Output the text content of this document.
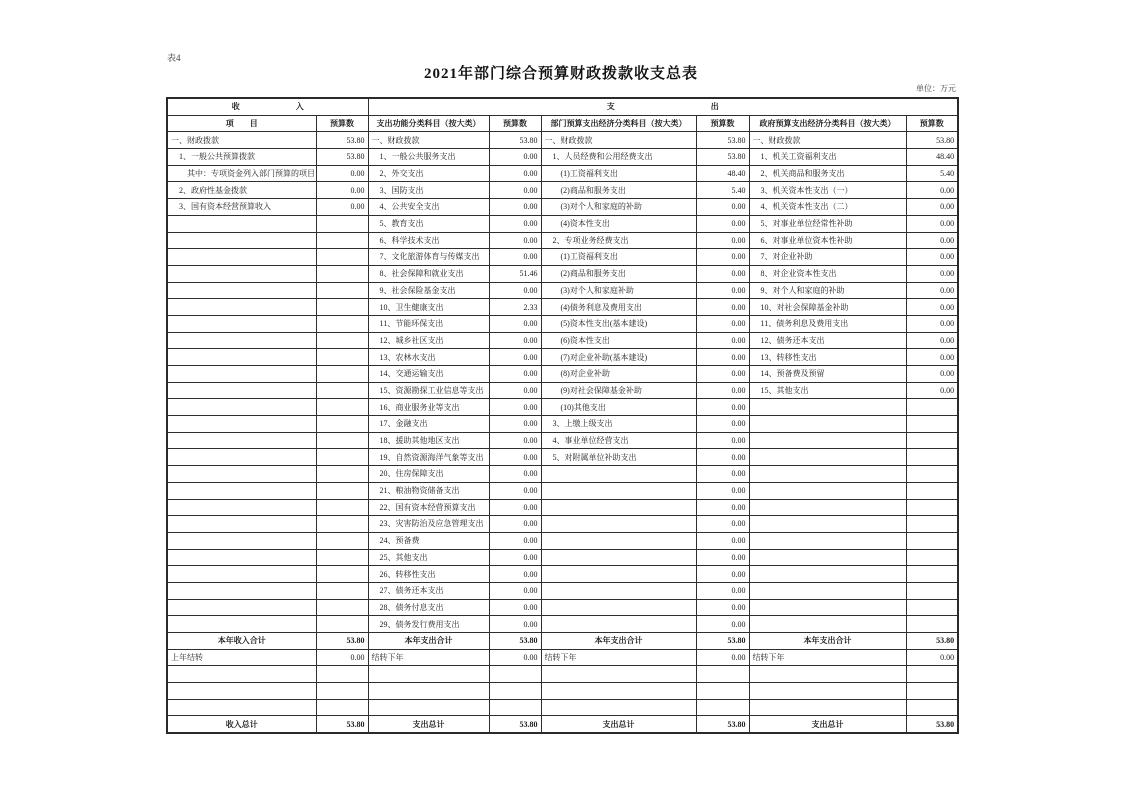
表4
2021年部门综合预算财政拨款收支总表
单位：万元
收　　　　　　　入		支　　　　　　　　　　　　出					
项　　目	预算数	支出功能分类科目（按大类）	预算数	部门预算支出经济分类科目（按大类）	预算数	政府预算支出经济分类科目（按大类）	预算数
一、财政拨款	53.80	一、财政拨款	53.80	一、财政拨款	53.80	一、财政拨款	53.80
　1、一般公共预算拨款	53.80	　1、一般公共服务支出	0.00	　1、人员经费和公用经费支出	53.80	　1、机关工资福利支出	48.40
　　其中：专项资金列入部门预算的项目	0.00	　2、外交支出	0.00	　　(1)工资福利支出	48.40	　2、机关商品和服务支出	5.40
　2、政府性基金拨款	0.00	　3、国防支出	0.00	　　(2)商品和服务支出	5.40	　3、机关资本性支出（一）	0.00
　3、国有资本经营预算收入	0.00	　4、公共安全支出	0.00	　　(3)对个人和家庭的补助	0.00	　4、机关资本性支出（二）	0.00
		　5、教育支出	0.00	　　(4)资本性支出	0.00	　5、对事业单位经常性补助	0.00
		　6、科学技术支出	0.00	　2、专项业务经费支出	0.00	　6、对事业单位资本性补助	0.00
		　7、文化旅游体育与传媒支出	0.00	　　(1)工资福利支出	0.00	　7、对企业补助	0.00
		　8、社会保障和就业支出	51.46	　　(2)商品和服务支出	0.00	　8、对企业资本性支出	0.00
		　9、社会保险基金支出	0.00	　　(3)对个人和家庭补助	0.00	　9、对个人和家庭的补助	0.00
		　10、卫生健康支出	2.33	　　(4)债务利息及费用支出	0.00	　10、对社会保障基金补助	0.00
		　11、节能环保支出	0.00	　　(5)资本性支出(基本建设)	0.00	　11、债务利息及费用支出	0.00
		　12、城乡社区支出	0.00	　　(6)资本性支出	0.00	　12、债务还本支出	0.00
		　13、农林水支出	0.00	　　(7)对企业补助(基本建设)	0.00	　13、转移性支出	0.00
		　14、交通运输支出	0.00	　　(8)对企业补助	0.00	　14、预备费及预留	0.00
		　15、资源勘探工业信息等支出	0.00	　　(9)对社会保障基金补助	0.00	　15、其他支出	0.00
		　16、商业服务业等支出	0.00	　　(10)其他支出	0.00		
		　17、金融支出	0.00	　3、上缴上级支出	0.00		
		　18、援助其他地区支出	0.00	　4、事业单位经营支出	0.00		
		　19、自然资源海洋气象等支出	0.00	　5、对附属单位补助支出	0.00		
		　20、住房保障支出	0.00		0.00		
		　21、粮油物资储备支出	0.00		0.00		
		　22、国有资本经营预算支出	0.00		0.00		
		　23、灾害防治及应急管理支出	0.00		0.00		
		　24、预备费	0.00		0.00		
		　25、其他支出	0.00		0.00		
		　26、转移性支出	0.00		0.00		
		　27、债务还本支出	0.00		0.00		
		　28、债务付息支出	0.00		0.00		
		　29、债务发行费用支出	0.00		0.00		
本年收入合计	53.80	本年支出合计	53.80	本年支出合计	53.80	本年支出合计	53.80
上年结转	0.00	结转下年	0.00	结转下年	0.00	结转下年	0.00

收入总计	53.80	支出总计	53.80	支出总计	53.80	支出总计	53.80
